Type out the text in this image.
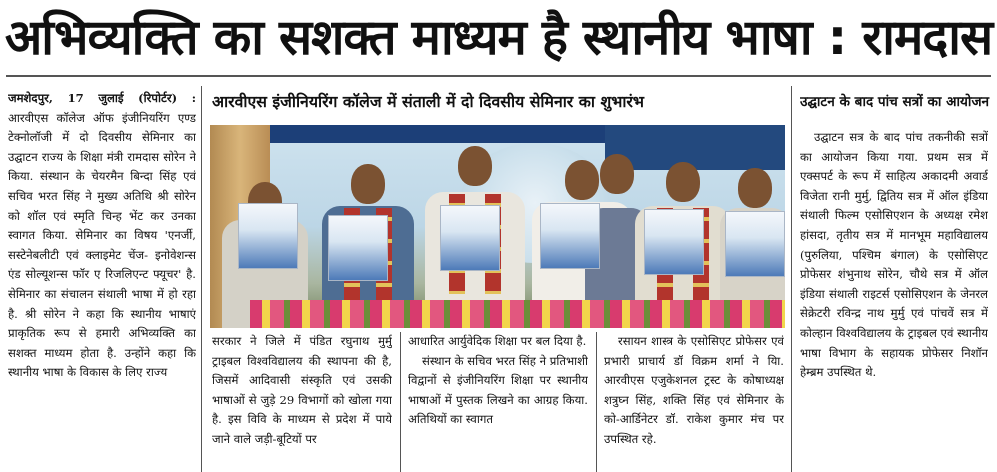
अभिव्यक्ति का सशक्त माध्यम है स्थानीय भाषा : रामदास

जमशेदपुर, 17 जुलाई (रिपोर्टर) : आरवीएस कॉलेज ऑफ इंजीनियरिंग एण्ड टेक्नोलॉजी में दो दिवसीय सेमिनार का उद्घाटन राज्य के शिक्षा मंत्री रामदास सोरेन ने किया. संस्थान के चेयरमैन बिन्दा सिंह एवं सचिव भरत सिंह ने मुख्य अतिथि श्री सोरेन को शॉल एवं स्मृति चिन्ह भेंट कर उनका स्वागत किया. सेमिनार का विषय 'एनर्जी, सस्टेनेबलीटी एवं क्लाइमेट चेंज- इनोवेशन्स एंड सोल्यूशन्स फॉर ए रिजलिएन्ट फ्यूचर' है. सेमिनार का संचालन संथाली भाषा में हो रहा है. श्री सोरेन ने कहा कि स्थानीय भाषाएं प्राकृतिक रूप से हमारी अभिव्यक्ति का सशक्त माध्यम होता है. उन्होंने कहा कि स्थानीय भाषा के विकास के लिए राज्य

आरवीएस इंजीनियरिंग कॉलेज में संताली में दो दिवसीय सेमिनार का शुभारंभ

सरकार ने जिले में पंडित रघुनाथ मुर्मु ट्राइबल विश्वविद्यालय की स्थापना की है, जिसमें आदिवासी संस्कृति एवं उसकी भाषाओं से जुड़े 29 विभागों को खोला गया है. इस विवि के माध्यम से प्रदेश में पाये जाने वाले जड़ी-बूटियों पर

आधारित आर्युवेदिक शिक्षा पर बल दिया है.

संस्थान के सचिव भरत सिंह ने प्रतिभाशी विद्वानों से इंजीनियरिंग शिक्षा पर स्थानीय भाषाओं में पुस्तक लिखने का आग्रह किया. अतिथियों का स्वागत

रसायन शास्त्र के एसोसिएट प्रोफेसर एवं प्रभारी प्राचार्य डॉ विक्रम शर्मा ने यिा. आरवीएस एजुकेशनल ट्रस्ट के कोषाध्यक्ष शत्रुघ्न सिंह, शक्ति सिंह एवं सेमिनार के को-आर्डिनेटर डॉ. राकेश कुमार मंच पर उपस्थित रहे.

उद्घाटन के बाद पांच सत्रों का आयोजन

उद्घाटन सत्र के बाद पांच तकनीकी सत्रों का आयोजन किया गया. प्रथम सत्र में एक्सपर्ट के रूप में साहित्य अकादमी अवार्ड विजेता रानी मुर्मु, द्वितिय सत्र में ऑल इंडिया संथाली फिल्म एसोसिएशन के अध्यक्ष रमेश हांसदा, तृतीय सत्र में मानभूम महाविद्यालय (पुरुलिया, पश्चिम बंगाल) के एसोसिएट प्रोफेसर शंभुनाथ सोरेन, चौथे सत्र में ऑल इंडिया संथाली राइटर्स एसोसिएशन के जेनरल सेक्रेटरी रविन्द्र नाथ मुर्मु एवं पांचवें सत्र में कोल्हान विश्वविद्यालय के ट्राइबल एवं स्थानीय भाषा विभाग के सहायक प्रोफेसर निशॉन हेम्ब्रम उपस्थित थे.
